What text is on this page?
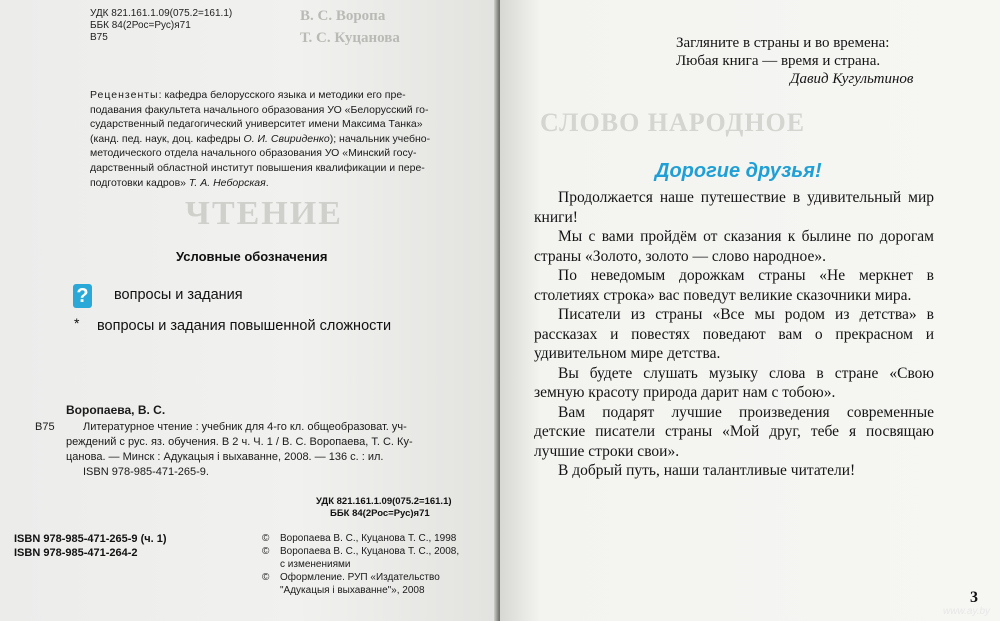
В. С. Воропа
Т. С. Куцанова
УДК 821.161.1.09(075.2=161.1)
ББК 84(2Рос=Рус)я71
В75
Рецензенты: кафедра белорусского языка и методики его пре-
подавания факультета начального образования УО «Белорусский го-
сударственный педагогический университет имени Максима Танка»
(канд. пед. наук, доц. кафедры О. И. Свириденко); начальник учебно-
методического отдела начального образования УО «Минский госу-
дарственный областной институт повышения квалификации и пере-
подготовки кадров» Т. А. Неборская.
ЧТЕНИЕ
Условные обозначения
? вопросы и задания
* вопросы и задания повышенной сложности
Воропаева, В. С.
В75	Литературное чтение : учебник для 4-го кл. общеобразоват. уч-
реждений с рус. яз. обучения. В 2 ч. Ч. 1 / В. С. Воропаева, Т. С. Ку-
цанова. — Минск : Адукацыя і выхаванне, 2008. — 136 с. : ил.
ISBN 978-985-471-265-9.
УДК 821.161.1.09(075.2=161.1)
ББК 84(2Рос=Рус)я71
ISBN 978-985-471-265-9 (ч. 1)
ISBN 978-985-471-264-2
© Воропаева В. С., Куцанова Т. С., 1998
© Воропаева В. С., Куцанова Т. С., 2008,
с изменениями
© Оформление. РУП «Издательство
"Адукацыя і выхаванне"», 2008
Загляните в страны и во времена:
Любая книга — время и страна.
Давид Кугультинов
СЛОВО НАРОДНОЕ
Дорогие друзья!

Продолжается наше путешествие в удивительный мир книги!

Мы с вами пройдём от сказания к былине по дорогам страны «Золото, золото — слово народное».

По неведомым дорожкам страны «Не меркнет в столетиях строка» вас поведут великие сказочники мира.

Писатели из страны «Все мы родом из детства» в рассказах и повестях поведают вам о прекрасном и удивительном мире детства.

Вы будете слушать музыку слова в стране «Свою земную красоту природа дарит нам с тобою».

Вам подарят лучшие произведения современные детские писатели страны «Мой друг, тебе я посвящаю лучшие строки свои».

В добрый путь, наши талантливые читатели!

3
www.ay.by
